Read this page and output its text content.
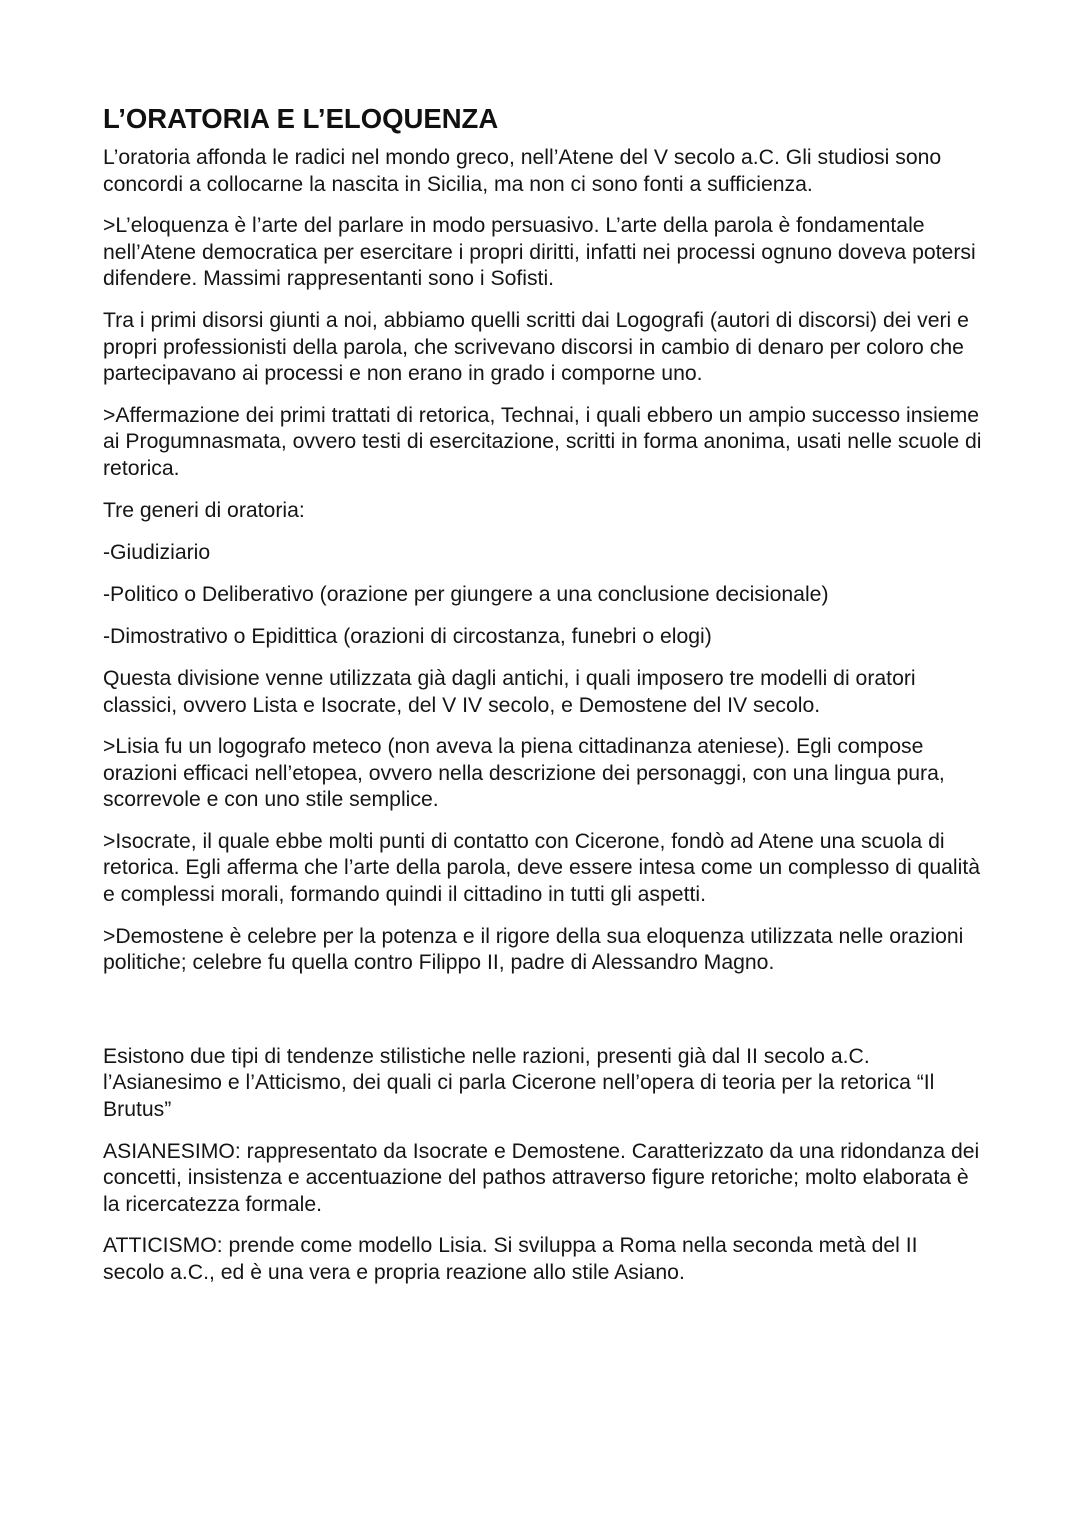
L’ORATORIA E L’ELOQUENZA

L’oratoria affonda le radici nel mondo greco, nell’Atene del V secolo a.C. Gli studiosi sono concordi a collocarne la nascita in Sicilia, ma non ci sono fonti a sufficienza.

>L’eloquenza è l’arte del parlare in modo persuasivo. L’arte della parola è fondamentale nell’Atene democratica per esercitare i propri diritti, infatti nei processi ognuno doveva potersi difendere. Massimi rappresentanti sono i Sofisti.

Tra i primi disorsi giunti a noi, abbiamo quelli scritti dai Logografi (autori di discorsi) dei veri e propri professionisti della parola, che scrivevano discorsi in cambio di denaro per coloro che partecipavano ai processi e non erano in grado i comporne uno.

>Affermazione dei primi trattati di retorica, Technai, i quali ebbero un ampio successo insieme ai Progumnasmata, ovvero testi di esercitazione, scritti in forma anonima, usati nelle scuole di retorica.

Tre generi di oratoria:

-Giudiziario

-Politico o Deliberativo (orazione per giungere a una conclusione decisionale)

-Dimostrativo o Epidittica (orazioni di circostanza, funebri o elogi)

Questa divisione venne utilizzata già dagli antichi, i quali imposero tre modelli di oratori classici, ovvero Lista e Isocrate, del V IV secolo, e Demostene del IV secolo.

>Lisia fu un logografo meteco (non aveva la piena cittadinanza ateniese). Egli compose orazioni efficaci nell’etopea, ovvero nella descrizione dei personaggi, con una lingua pura, scorrevole e con uno stile semplice.

>Isocrate, il quale ebbe molti punti di contatto con Cicerone, fondò ad Atene una scuola di retorica. Egli afferma che l’arte della parola, deve essere intesa come un complesso di qualità e complessi morali, formando quindi il cittadino in tutti gli aspetti.

>Demostene è celebre per la potenza e il rigore della sua eloquenza utilizzata nelle orazioni politiche; celebre fu quella contro Filippo II, padre di Alessandro Magno.

Esistono due tipi di tendenze stilistiche nelle razioni, presenti già dal II secolo a.C. l’Asianesimo e l’Atticismo, dei quali ci parla Cicerone nell’opera di teoria per la retorica “Il Brutus”

ASIANESIMO: rappresentato da Isocrate e Demostene. Caratterizzato da una ridondanza dei concetti, insistenza e accentuazione del pathos attraverso figure retoriche; molto elaborata è la ricercatezza formale.

ATTICISMO: prende come modello Lisia. Si sviluppa a Roma nella seconda metà del II secolo a.C., ed è una vera e propria reazione allo stile Asiano.
